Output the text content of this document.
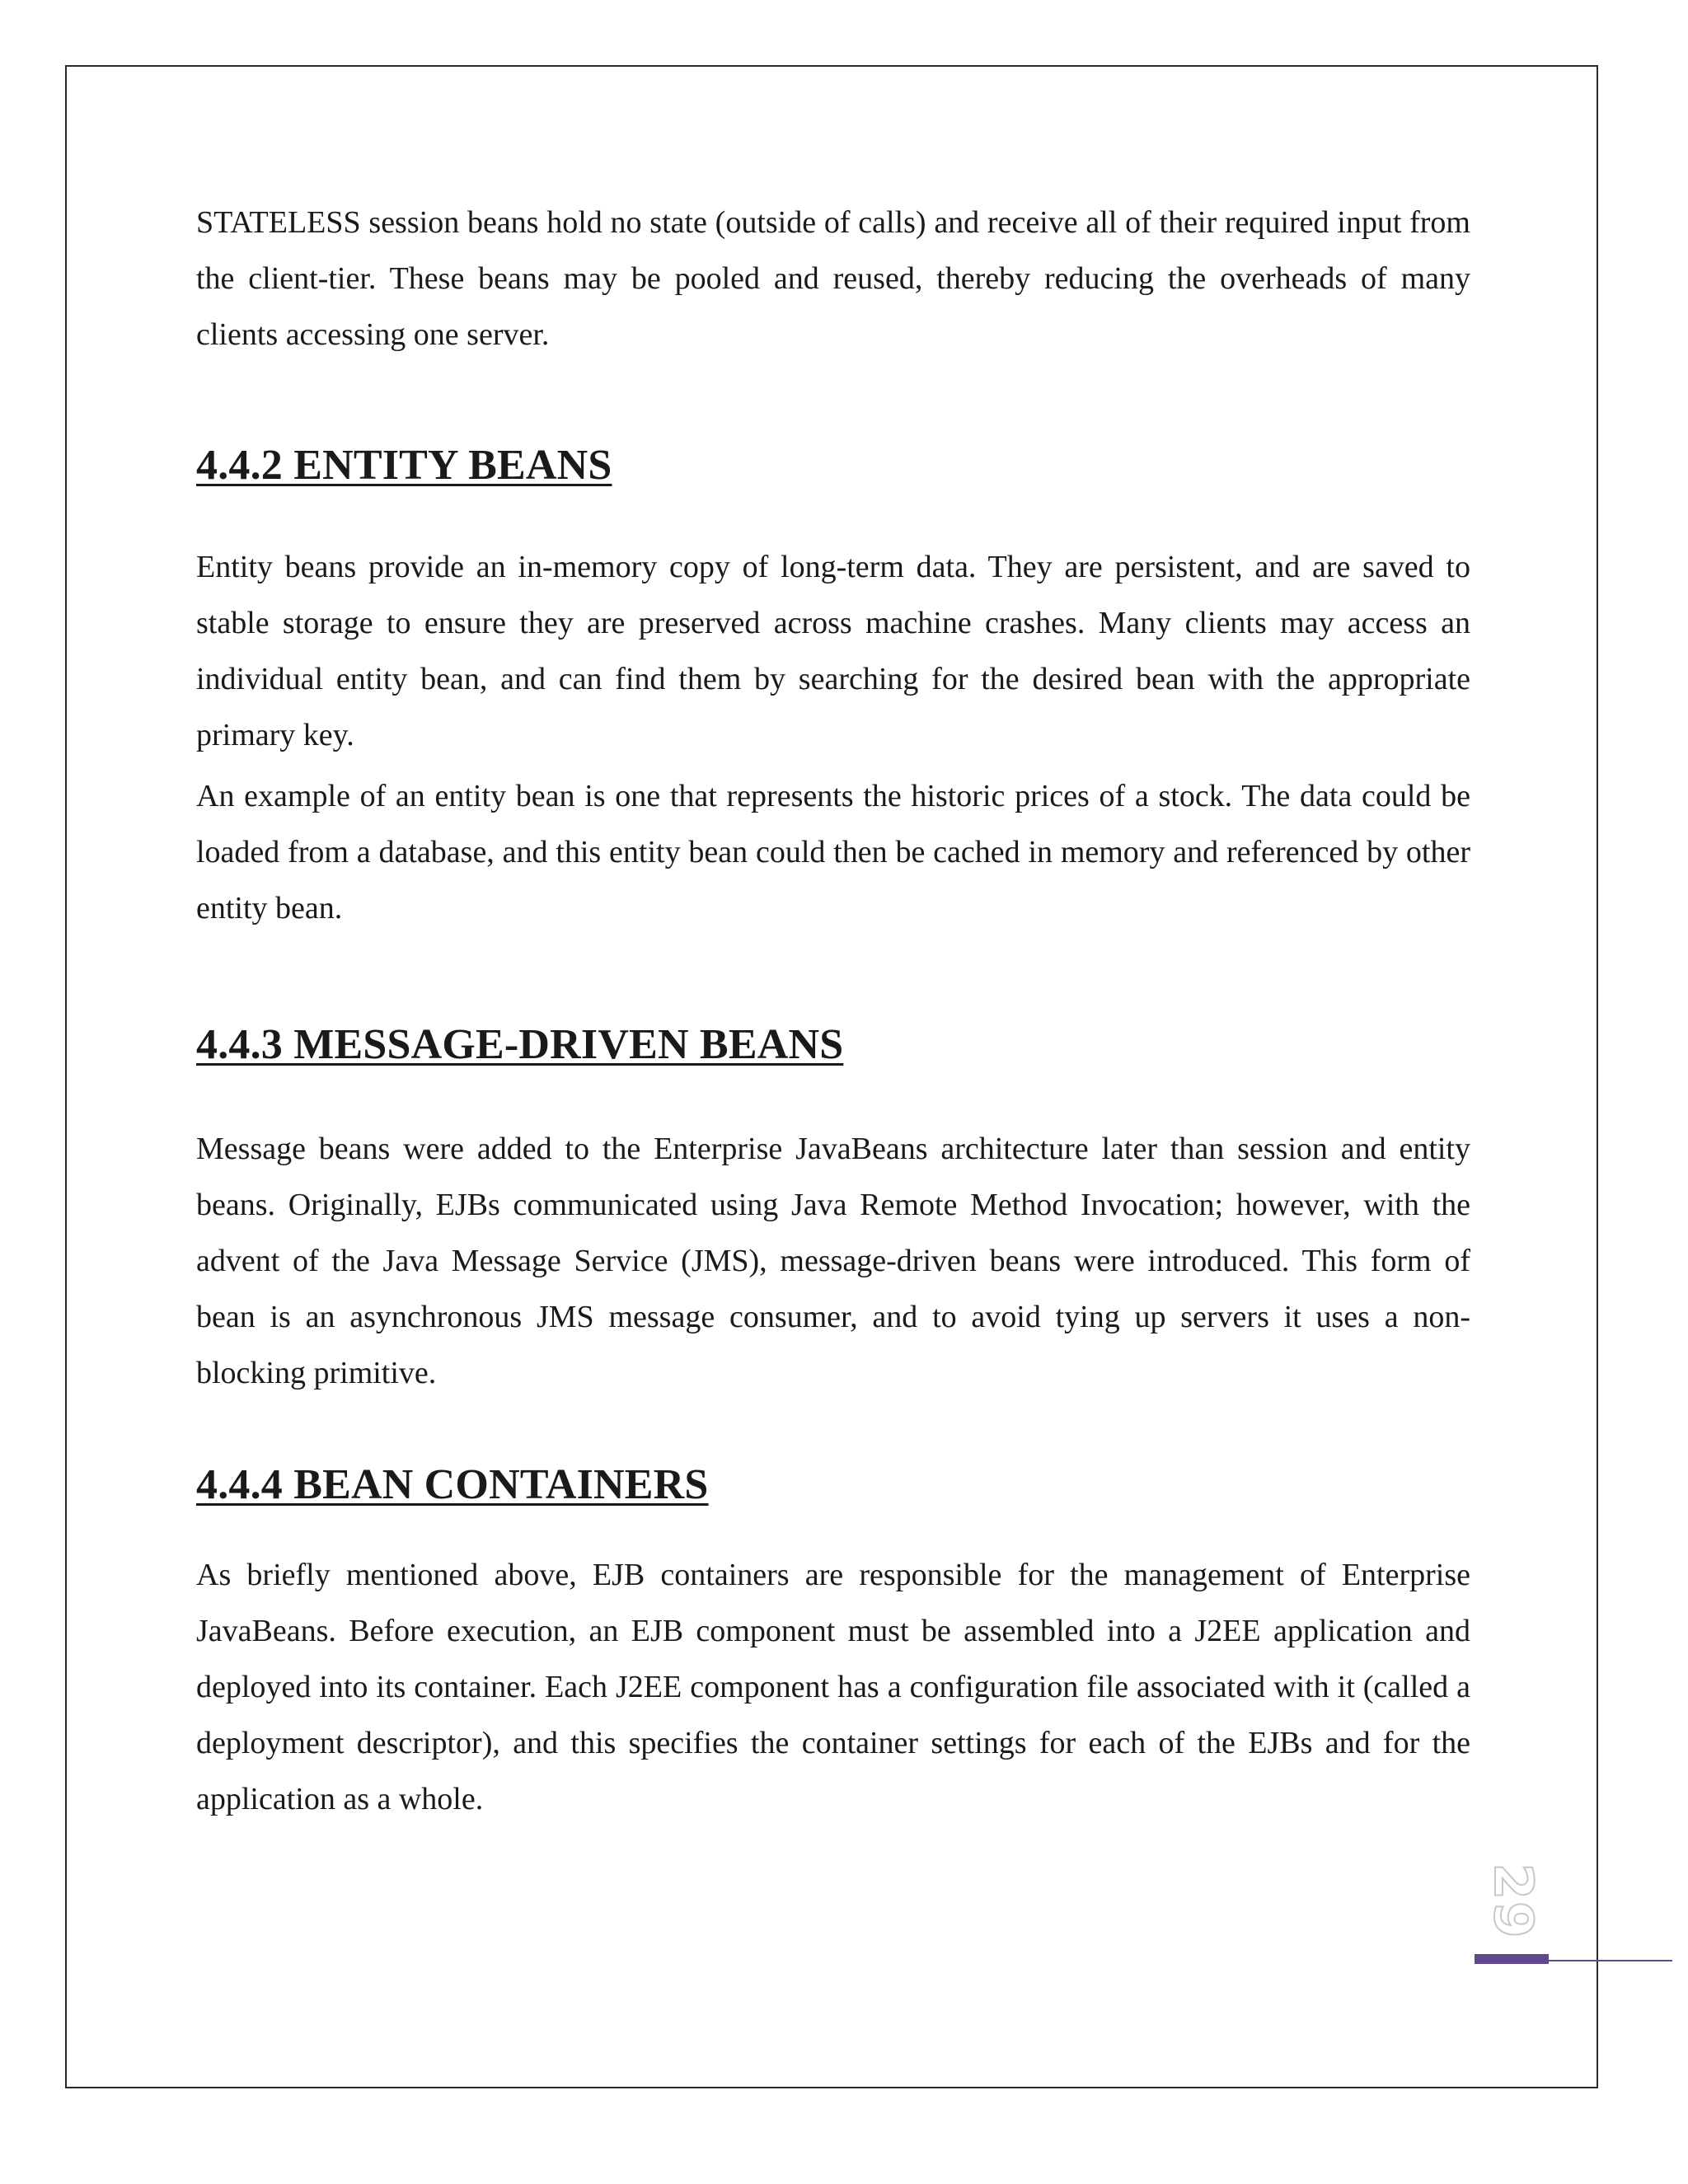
STATELESS session beans hold no state (outside of calls) and receive all of their required input from the client-tier. These beans may be pooled and reused, thereby reducing the overheads of many clients accessing one server.

4.4.2 ENTITY BEANS

Entity beans provide an in-memory copy of long-term data. They are persistent, and are saved to stable storage to ensure they are preserved across machine crashes. Many clients may access an individual entity bean, and can find them by searching for the desired bean with the appropriate primary key.

An example of an entity bean is one that represents the historic prices of a stock. The data could be loaded from a database, and this entity bean could then be cached in memory and referenced by other entity bean.

4.4.3 MESSAGE-DRIVEN BEANS

Message beans were added to the Enterprise JavaBeans architecture later than session and entity beans. Originally, EJBs communicated using Java Remote Method Invocation; however, with the advent of the Java Message Service (JMS), message-driven beans were introduced. This form of bean is an asynchronous JMS message consumer, and to avoid tying up servers it uses a non-blocking primitive.

4.4.4 BEAN CONTAINERS

As briefly mentioned above, EJB containers are responsible for the management of Enterprise JavaBeans. Before execution, an EJB component must be assembled into a J2EE application and deployed into its container. Each J2EE component has a configuration file associated with it (called a deployment descriptor), and this specifies the container settings for each of the EJBs and for the application as a whole.

29
